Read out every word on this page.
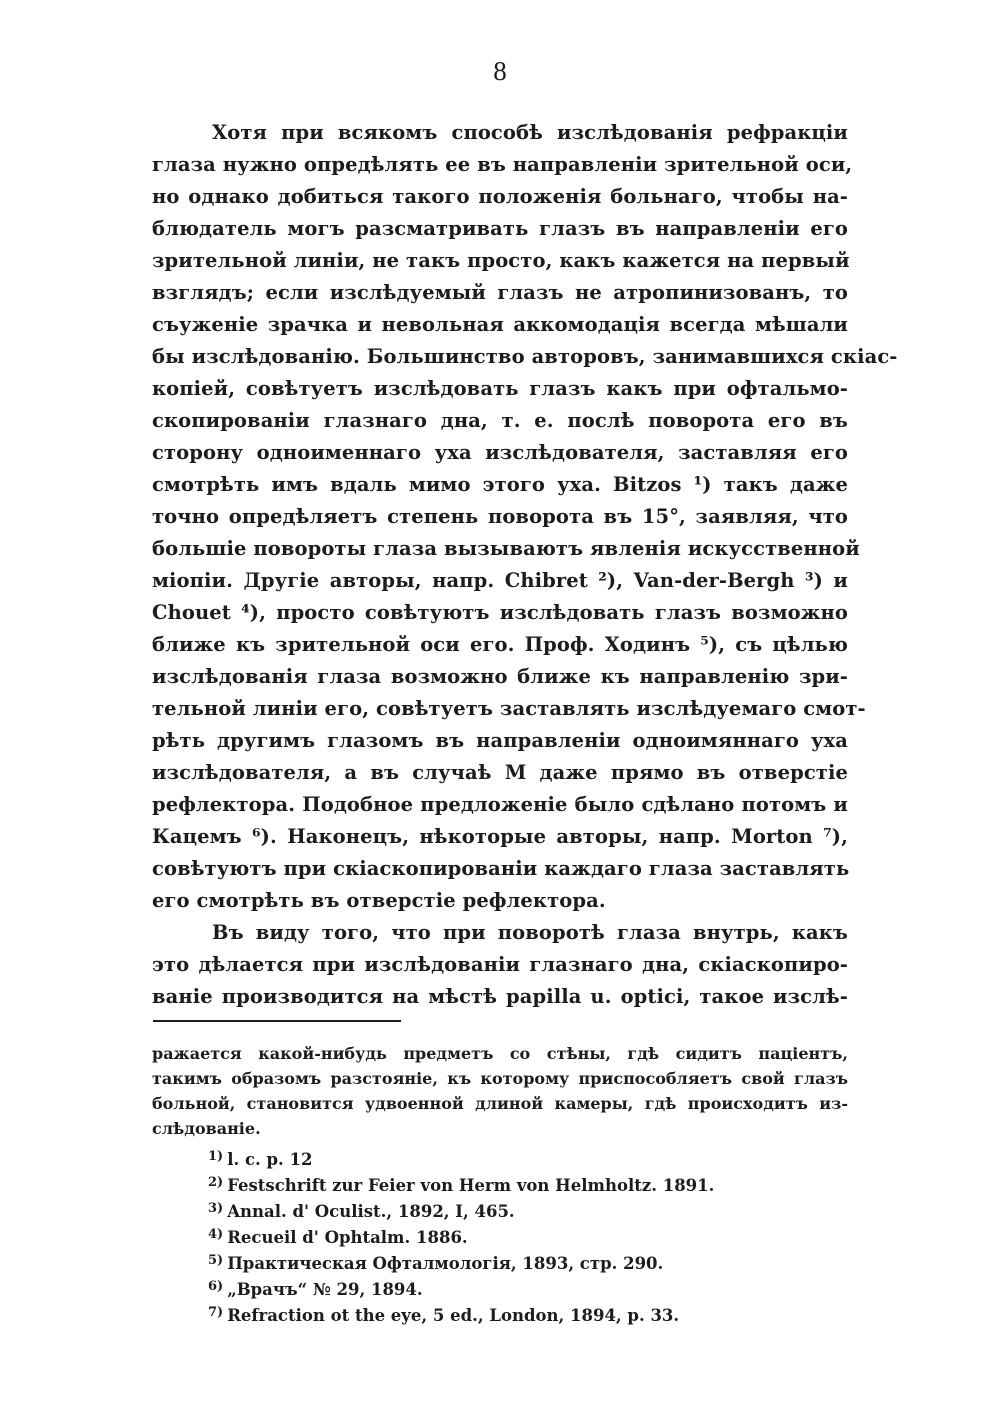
8
Хотя при всякомъ способѣ изслѣдованія рефракціи
глаза нужно опредѣлять ее въ направленіи зрительной оси,
но однако добиться такого положенія больнаго, чтобы на-
блюдатель могъ разсматривать глазъ въ направленіи его
зрительной линіи, не такъ просто, какъ кажется на первый
взглядъ; если изслѣдуемый глазъ не атропинизованъ, то
съуженіе зрачка и невольная аккомодація всегда мѣшали
бы изслѣдованію. Большинство авторовъ, занимавшихся скіас-
копіей, совѣтуетъ изслѣдовать глазъ какъ при офтальмо-
скопированіи глазнаго дна, т. е. послѣ поворота его въ
сторону одноименнаго уха изслѣдователя, заставляя его
смотрѣть имъ вдаль мимо этого уха. Bitzos ¹) такъ даже
точно опредѣляетъ степень поворота въ 15°, заявляя, что
большіе повороты глаза вызываютъ явленія искусственной
міопіи. Другіе авторы, напр. Chibret ²), Van-der-Bergh ³) и
Chouet ⁴), просто совѣтуютъ изслѣдовать глазъ возможно
ближе къ зрительной оси его. Проф. Ходинъ ⁵), съ цѣлью
изслѣдованія глаза возможно ближе къ направленію зри-
тельной линіи его, совѣтуетъ заставлять изслѣдуемаго смот-
рѣть другимъ глазомъ въ направленіи одноимяннаго уха
изслѣдователя, а въ случаѣ M даже прямо въ отверстіе
рефлектора. Подобное предложеніе было сдѣлано потомъ и
Кацемъ ⁶). Наконецъ, нѣкоторые авторы, напр. Morton ⁷),
совѣтуютъ при скіаскопированіи каждаго глаза заставлять
его смотрѣть въ отверстіе рефлектора.
Въ виду того, что при поворотѣ глаза внутрь, какъ
это дѣлается при изслѣдованіи глазнаго дна, скіаскопиро-
ваніе производится на мѣстѣ papilla u. optici, такое изслѣ-
ражается какой-нибудь предметъ со стѣны, гдѣ сидитъ паціентъ,
такимъ образомъ разстояніе, къ которому приспособляетъ свой глазъ
больной, становится удвоенной длиной камеры, гдѣ происходитъ из-
слѣдованіе.
$^{1)}$ l. c. p. 12
$^{2)}$ Festschrift zur Feier von Herm von Helmholtz. 1891.
$^{3)}$ Annal. d' Oculist., 1892, I, 465.
$^{4)}$ Recueil d' Ophtalm. 1886.
$^{5)}$ Практическая Офталмологія, 1893, стр. 290.
$^{6)}$ „Врачъ“ № 29, 1894.
$^{7)}$ Refraction ot the eye, 5 ed., London, 1894, p. 33.
